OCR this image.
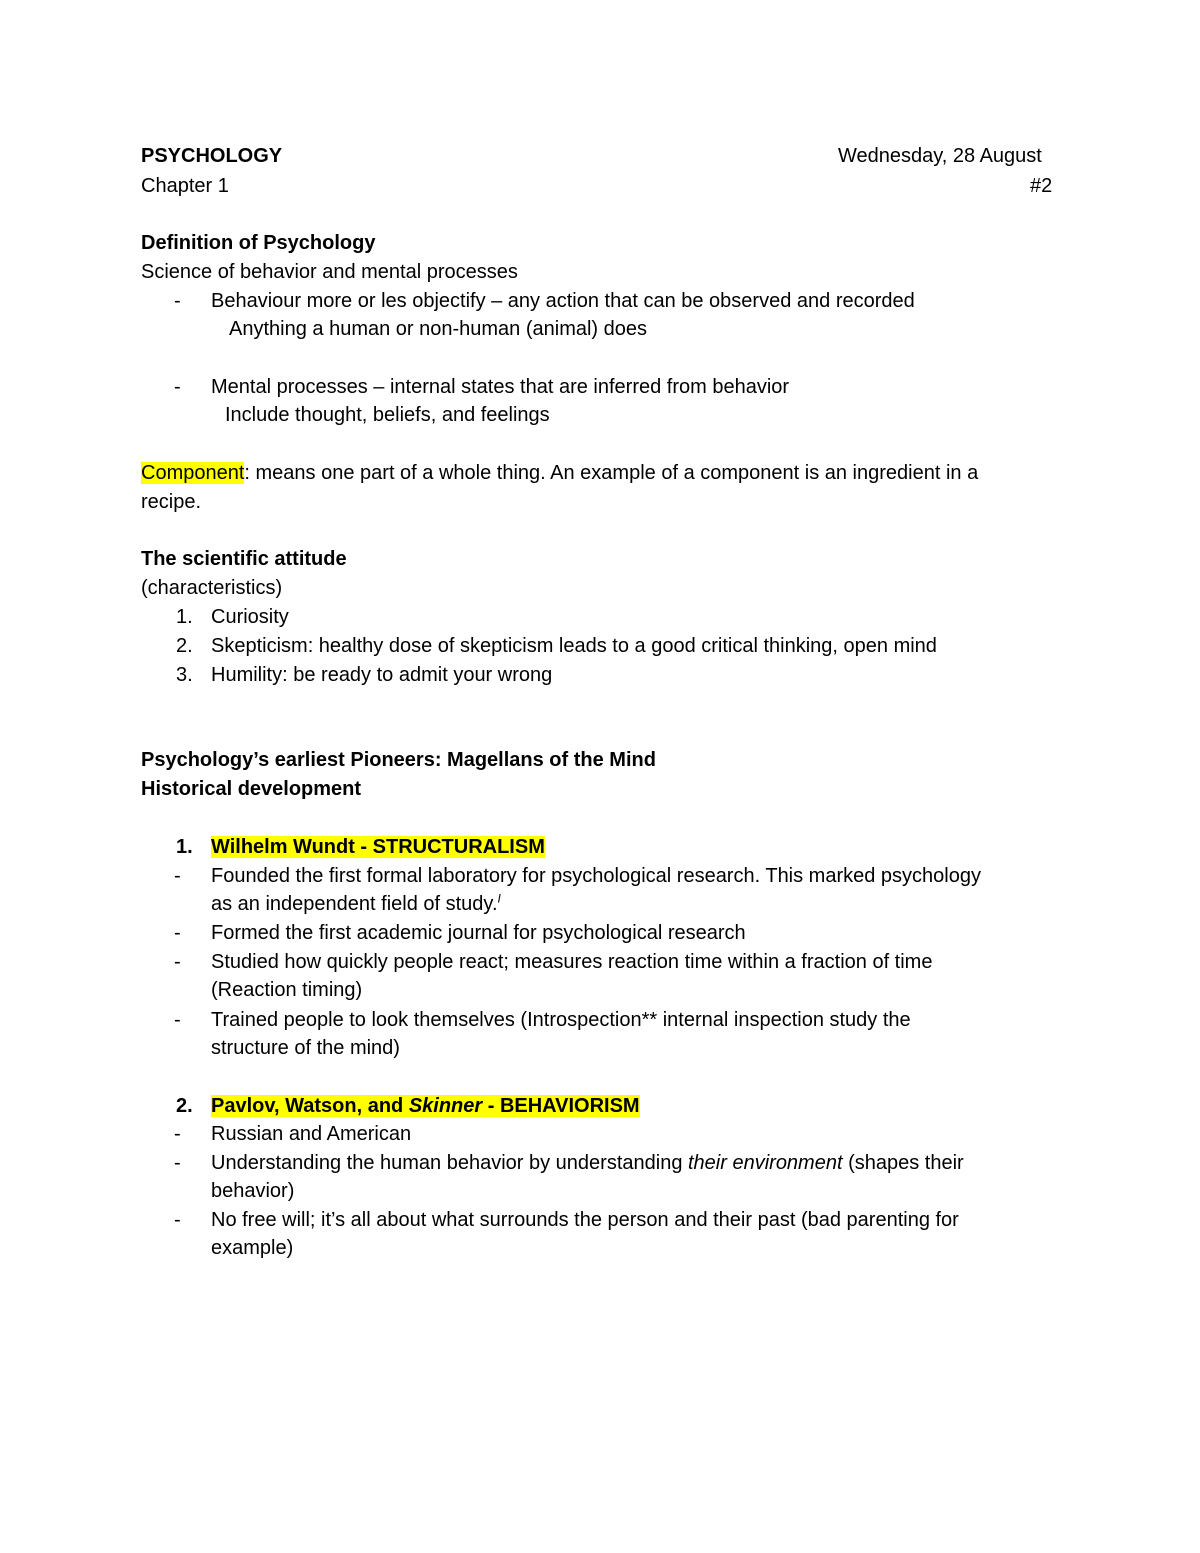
PSYCHOLOGY	Wednesday, 28 August
Chapter 1	#2
Definition of Psychology
Science of behavior and mental processes
- Behaviour more or les objectify – any action that can be observed and recorded
Anything a human or non-human (animal) does
- Mental processes – internal states that are inferred from behavior
Include thought, beliefs, and feelings
Component: means one part of a whole thing. An example of a component is an ingredient in a
recipe.
The scientific attitude
(characteristics)
1. Curiosity
2. Skepticism: healthy dose of skepticism leads to a good critical thinking, open mind
3. Humility: be ready to admit your wrong
Psychology’s earliest Pioneers: Magellans of the Mind
Historical development
1. Wilhelm Wundt - STRUCTURALISM
- Founded the first formal laboratory for psychological research. This marked psychology
as an independent field of study.$^I$
- Formed the first academic journal for psychological research
- Studied how quickly people react; measures reaction time within a fraction of time
(Reaction timing)
- Trained people to look themselves (Introspection** internal inspection study the
structure of the mind)
2. Pavlov, Watson, and Skinner - BEHAVIORISM
- Russian and American
- Understanding the human behavior by understanding their environment (shapes their
behavior)
- No free will; it’s all about what surrounds the person and their past (bad parenting for
example)
